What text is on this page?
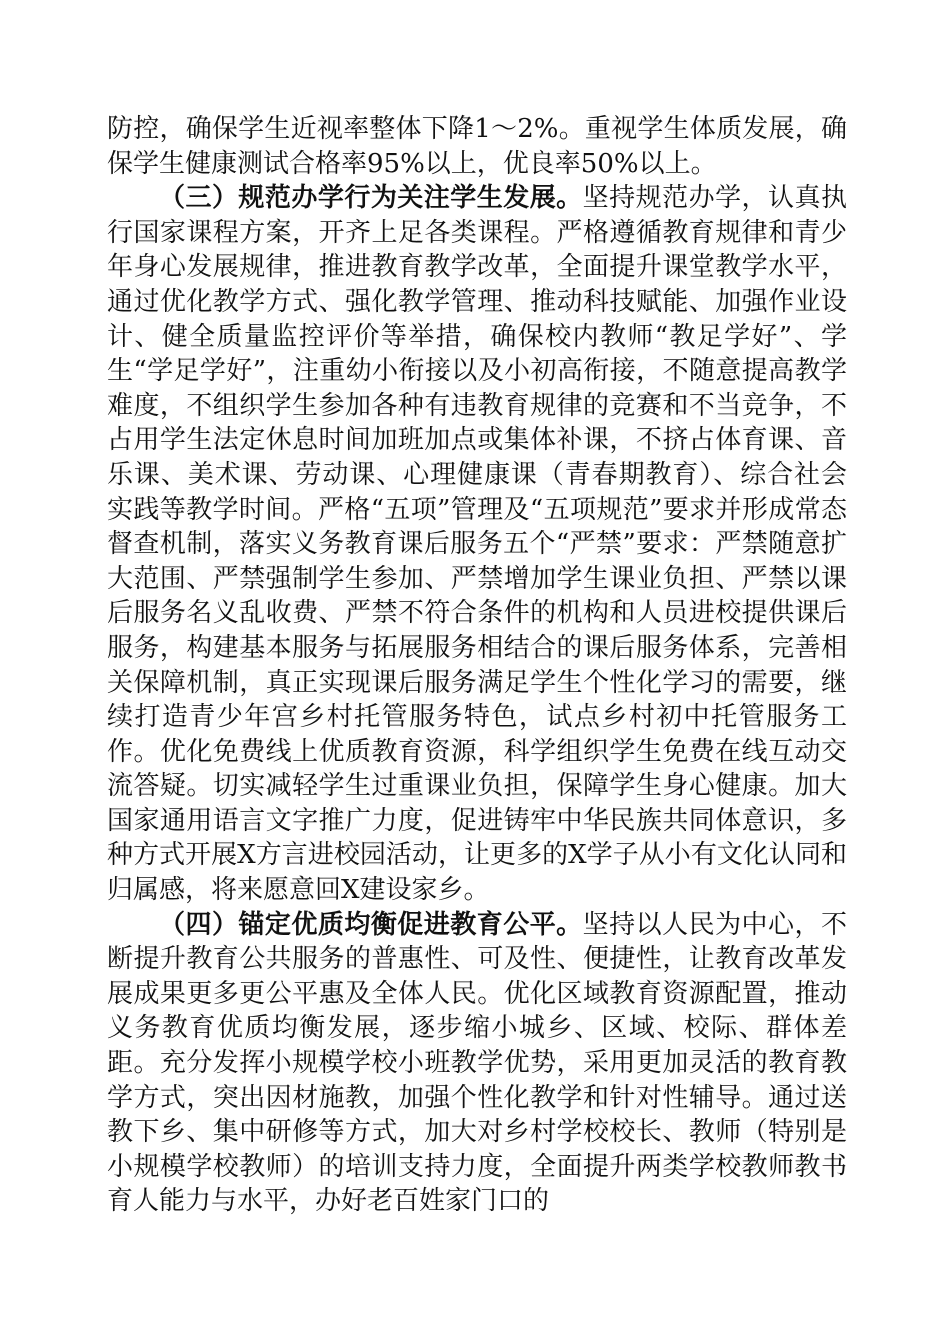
防控，确保学生近视率整体下降1～2%。重视学生体质发展，确保学生健康测试合格率95%以上，优良率50%以上。

（三）规范办学行为关注学生发展。坚持规范办学，认真执行国家课程方案，开齐上足各类课程。严格遵循教育规律和青少年身心发展规律，推进教育教学改革，全面提升课堂教学水平，通过优化教学方式、强化教学管理、推动科技赋能、加强作业设计、健全质量监控评价等举措，确保校内教师“教足学好”、学生“学足学好”，注重幼小衔接以及小初高衔接，不随意提高教学难度，不组织学生参加各种有违教育规律的竞赛和不当竞争，不占用学生法定休息时间加班加点或集体补课，不挤占体育课、音乐课、美术课、劳动课、心理健康课（青春期教育）、综合社会实践等教学时间。严格“五项”管理及“五项规范”要求并形成常态督查机制，落实义务教育课后服务五个“严禁”要求：严禁随意扩大范围、严禁强制学生参加、严禁增加学生课业负担、严禁以课后服务名义乱收费、严禁不符合条件的机构和人员进校提供课后服务，构建基本服务与拓展服务相结合的课后服务体系，完善相关保障机制，真正实现课后服务满足学生个性化学习的需要，继续打造青少年宫乡村托管服务特色，试点乡村初中托管服务工作。优化免费线上优质教育资源，科学组织学生免费在线互动交流答疑。切实减轻学生过重课业负担，保障学生身心健康。加大国家通用语言文字推广力度，促进铸牢中华民族共同体意识，多种方式开展X方言进校园活动，让更多的X学子从小有文化认同和归属感，将来愿意回X建设家乡。

（四）锚定优质均衡促进教育公平。坚持以人民为中心，不断提升教育公共服务的普惠性、可及性、便捷性，让教育改革发展成果更多更公平惠及全体人民。优化区域教育资源配置，推动义务教育优质均衡发展，逐步缩小城乡、区域、校际、群体差距。充分发挥小规模学校小班教学优势，采用更加灵活的教育教学方式，突出因材施教，加强个性化教学和针对性辅导。通过送教下乡、集中研修等方式，加大对乡村学校校长、教师（特别是小规模学校教师）的培训支持力度，全面提升两类学校教师教书育人能力与水平，办好老百姓家门口的
